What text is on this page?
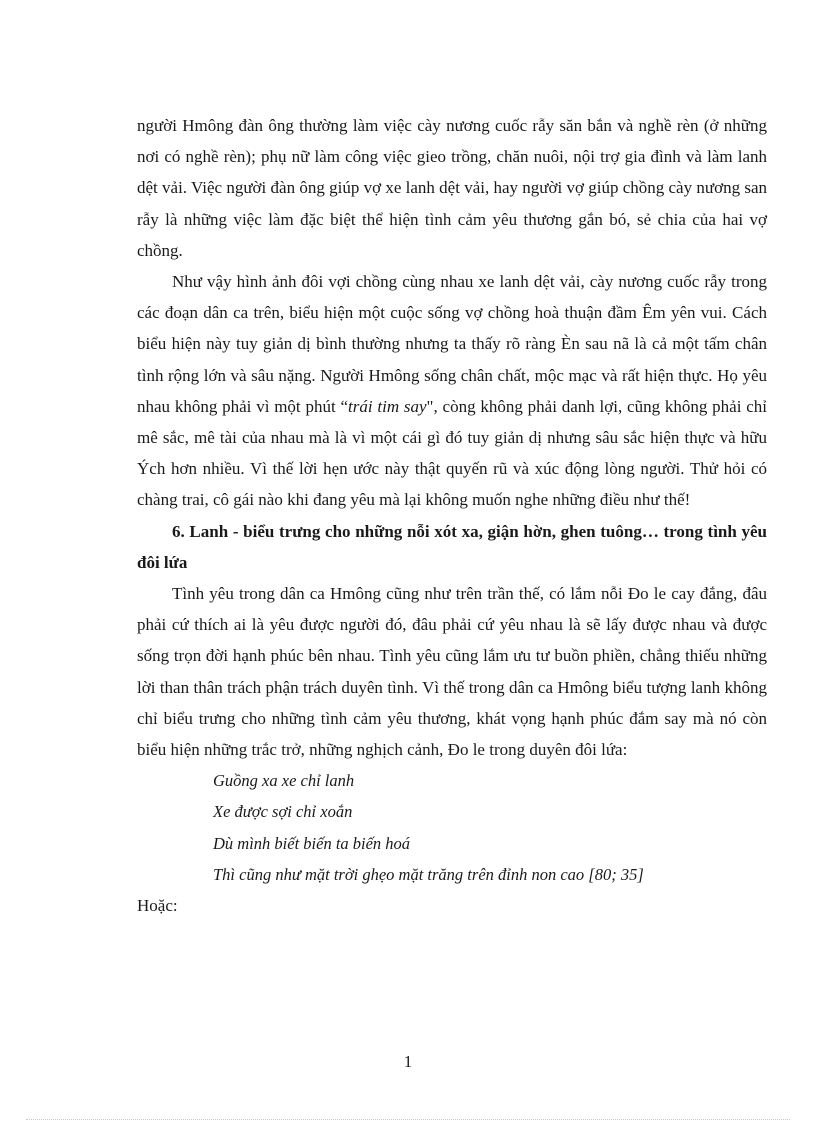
người Hmông đàn ông thường làm việc cày nương cuốc rẫy săn bắn và nghề rèn (ở những nơi có nghề rèn); phụ nữ làm công việc gieo trồng, chăn nuôi, nội trợ gia đình và làm lanh dệt vải. Việc người đàn ông giúp vợ xe lanh dệt vải, hay người vợ giúp chồng cày nương san rẫy là những việc làm đặc biệt thể hiện tình cảm yêu thương gắn bó, sẻ chia của hai vợ chồng.

Như vậy hình ảnh đôi vợi chồng cùng nhau xe lanh dệt vải, cày nương cuốc rẫy trong các đoạn dân ca trên, biểu hiện một cuộc sống vợ chồng hoà thuận đầm Êm yên vui. Cách biểu hiện này tuy giản dị bình thường nhưng ta thấy rõ ràng Èn sau nã là cả một tấm chân tình rộng lớn và sâu nặng. Người Hmông sống chân chất, mộc mạc và rất hiện thực. Họ yêu nhau không phải vì một phút “trái tim say", còng không phải danh lợi, cũng không phải chỉ mê sắc, mê tài của nhau mà là vì một cái gì đó tuy giản dị nhưng sâu sắc hiện thực và hữu Ých hơn nhiều. Vì thế lời hẹn ước này thật quyến rũ và xúc động lòng người. Thử hỏi có chàng trai, cô gái nào khi đang yêu mà lại không muốn nghe những điều như thế!

6. Lanh - biểu trưng cho những nỗi xót xa, giận hờn, ghen tuông… trong tình yêu đôi lứa

Tình yêu trong dân ca Hmông cũng như trên trần thế, có lắm nỗi Ðo le cay đắng, đâu phải cứ thích ai là yêu được người đó, đâu phải cứ yêu nhau là sẽ lấy được nhau và được sống trọn đời hạnh phúc bên nhau. Tình yêu cũng lắm ưu tư buồn phiền, chẳng thiếu những lời than thân trách phận trách duyên tình. Vì thế trong dân ca Hmông biểu tượng lanh không chỉ biểu trưng cho những tình cảm yêu thương, khát vọng hạnh phúc đắm say mà nó còn biểu hiện những trắc trở, những nghịch cảnh, Ðo le trong duyên đôi lứa:

Guồng xa xe chỉ lanh
Xe được sợi chỉ xoắn
Dù mình biết biến ta biến hoá
Thì cũng như mặt trời ghẹo mặt trăng trên đỉnh non cao [80; 35]

Hoặc:

1
